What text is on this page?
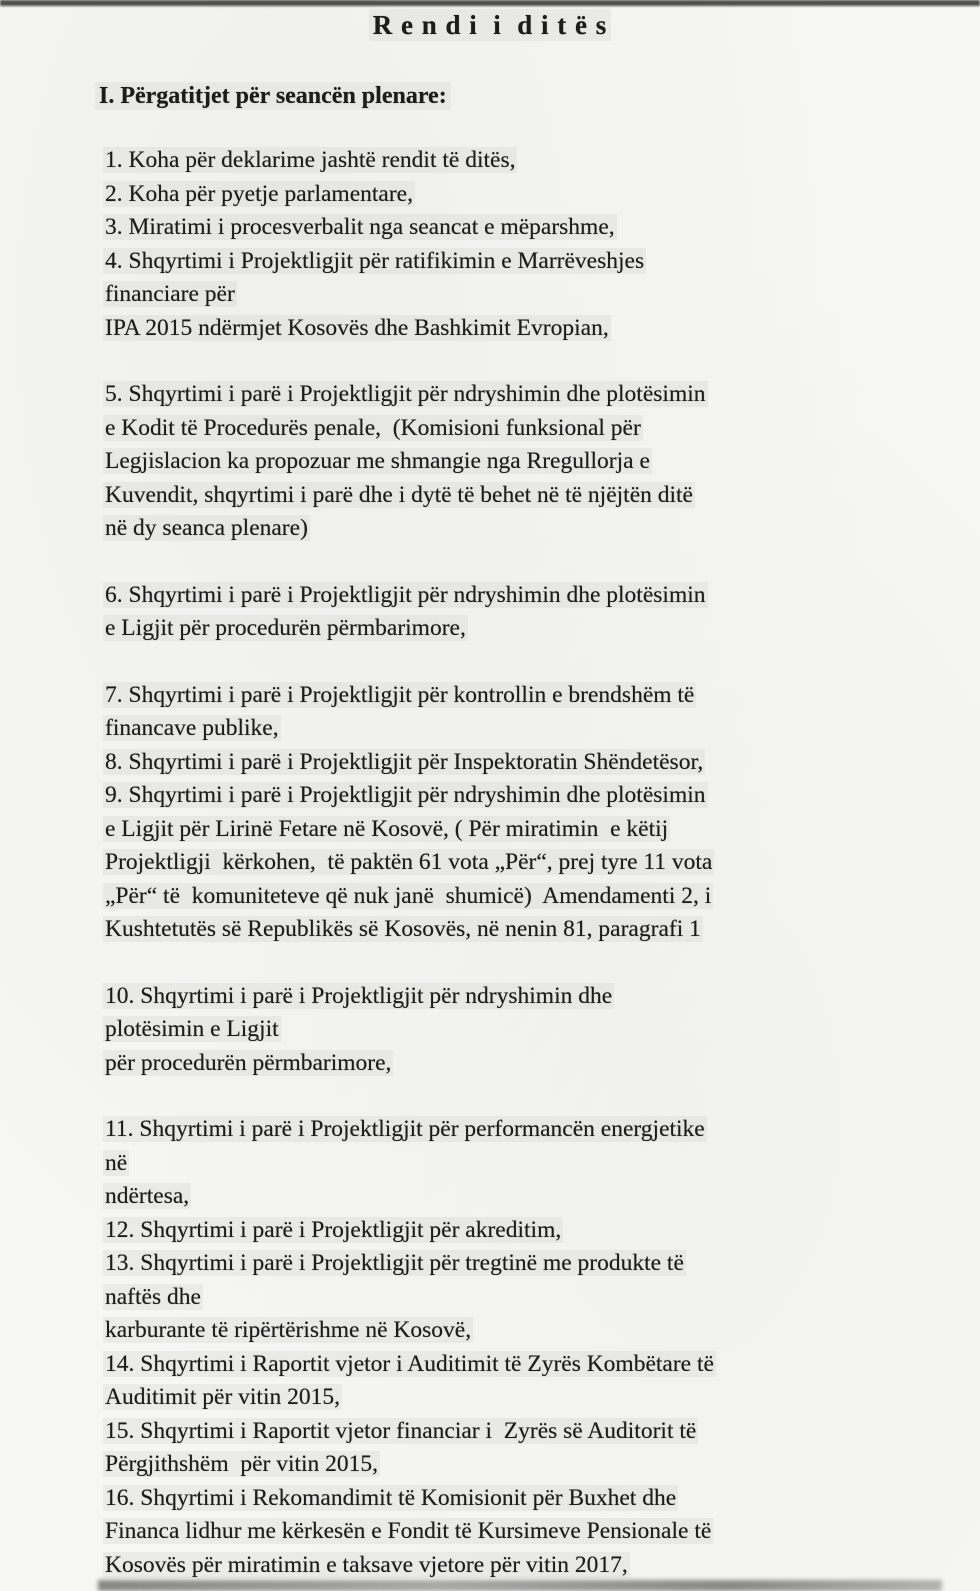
R e n d i  i  d i t ë s
I. Përgatitjet për seancën plenare:
1. Koha për deklarime jashtë rendit të ditës,
2. Koha për pyetje parlamentare,
3. Miratimi i procesverbalit nga seancat e mëparshme,
4. Shqyrtimi i Projektligjit për ratifikimin e Marrëveshjes
financiare për
IPA 2015 ndërmjet Kosovës dhe Bashkimit Evropian,
5. Shqyrtimi i parë i Projektligjit për ndryshimin dhe plotësimin
e Kodit të Procedurës penale,  (Komisioni funksional për
Legjislacion ka propozuar me shmangie nga Rregullorja e
Kuvendit, shqyrtimi i parë dhe i dytë të behet në të njëjtën ditë
në dy seanca plenare)
6. Shqyrtimi i parë i Projektligjit për ndryshimin dhe plotësimin
e Ligjit për procedurën përmbarimore,
7. Shqyrtimi i parë i Projektligjit për kontrollin e brendshëm të
financave publike,
8. Shqyrtimi i parë i Projektligjit për Inspektoratin Shëndetësor,
9. Shqyrtimi i parë i Projektligjit për ndryshimin dhe plotësimin
e Ligjit për Lirinë Fetare në Kosovë, ( Për miratimin  e këtij
Projektligji  kërkohen,  të paktën 61 vota „Për“, prej tyre 11 vota
„Për“ të  komuniteteve që nuk janë  shumicë)  Amendamenti 2, i
Kushtetutës së Republikës së Kosovës, në nenin 81, paragrafi 1
10. Shqyrtimi i parë i Projektligjit për ndryshimin dhe
plotësimin e Ligjit
për procedurën përmbarimore,
11. Shqyrtimi i parë i Projektligjit për performancën energjetike
në
ndërtesa,
12. Shqyrtimi i parë i Projektligjit për akreditim,
13. Shqyrtimi i parë i Projektligjit për tregtinë me produkte të
naftës dhe
karburante të ripërtërishme në Kosovë,
14. Shqyrtimi i Raportit vjetor i Auditimit të Zyrës Kombëtare të
Auditimit për vitin 2015,
15. Shqyrtimi i Raportit vjetor financiar i  Zyrës së Auditorit të
Përgjithshëm  për vitin 2015,
16. Shqyrtimi i Rekomandimit të Komisionit për Buxhet dhe
Financa lidhur me kërkesën e Fondit të Kursimeve Pensionale të
Kosovës për miratimin e taksave vjetore për vitin 2017,
